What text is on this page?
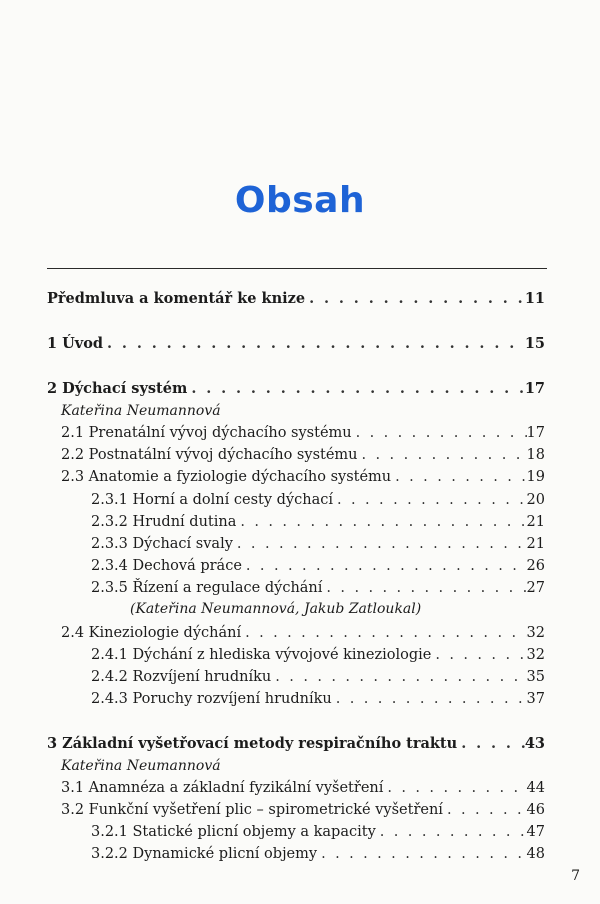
Obsah
Předmluva a komentář ke knize . . .	11
1 Úvod . . .	15
2 Dýchací systém . . .	17
Kateřina Neumannová
2.1 Prenatální vývoj dýchacího systému . . .	17
2.2 Postnatální vývoj dýchacího systému . . .	18
2.3 Anatomie a fyziologie dýchacího systému . . .	19
2.3.1 Horní a dolní cesty dýchací . . .	20
2.3.2 Hrudní dutina . . .	21
2.3.3 Dýchací svaly . . .	21
2.3.4 Dechová práce . . .	26
2.3.5 Řízení a regulace dýchání . . .	27
(Kateřina Neumannová, Jakub Zatloukal)
2.4 Kineziologie dýchání . . .	32
2.4.1 Dýchání z hlediska vývojové kineziologie . . .	32
2.4.2 Rozvíjení hrudníku . . .	35
2.4.3 Poruchy rozvíjení hrudníku . . .	37
3 Základní vyšetřovací metody respiračního traktu . . .	43
Kateřina Neumannová
3.1 Anamnéza a základní fyzikální vyšetření . . .	44
3.2 Funkční vyšetření plic – spirometrické vyšetření . . .	46
3.2.1 Statické plicní objemy a kapacity . . .	47
3.2.2 Dynamické plicní objemy . . .	48
7
